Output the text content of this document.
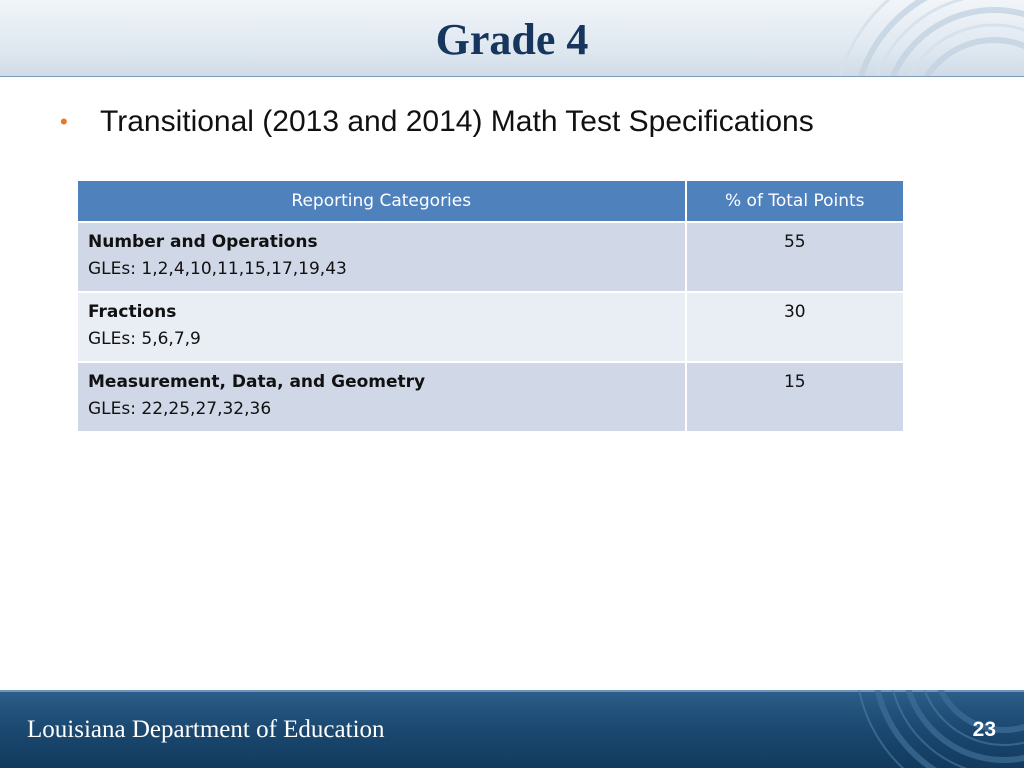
Grade 4
•	Transitional (2013 and 2014) Math Test Specifications
Reporting Categories	% of Total Points

Number and Operations
GLEs: 1,2,4,10,11,15,17,19,43	55

Fractions
GLEs: 5,6,7,9	30

Measurement, Data, and Geometry
GLEs: 22,25,27,32,36	15
Louisiana Department of Education	23
